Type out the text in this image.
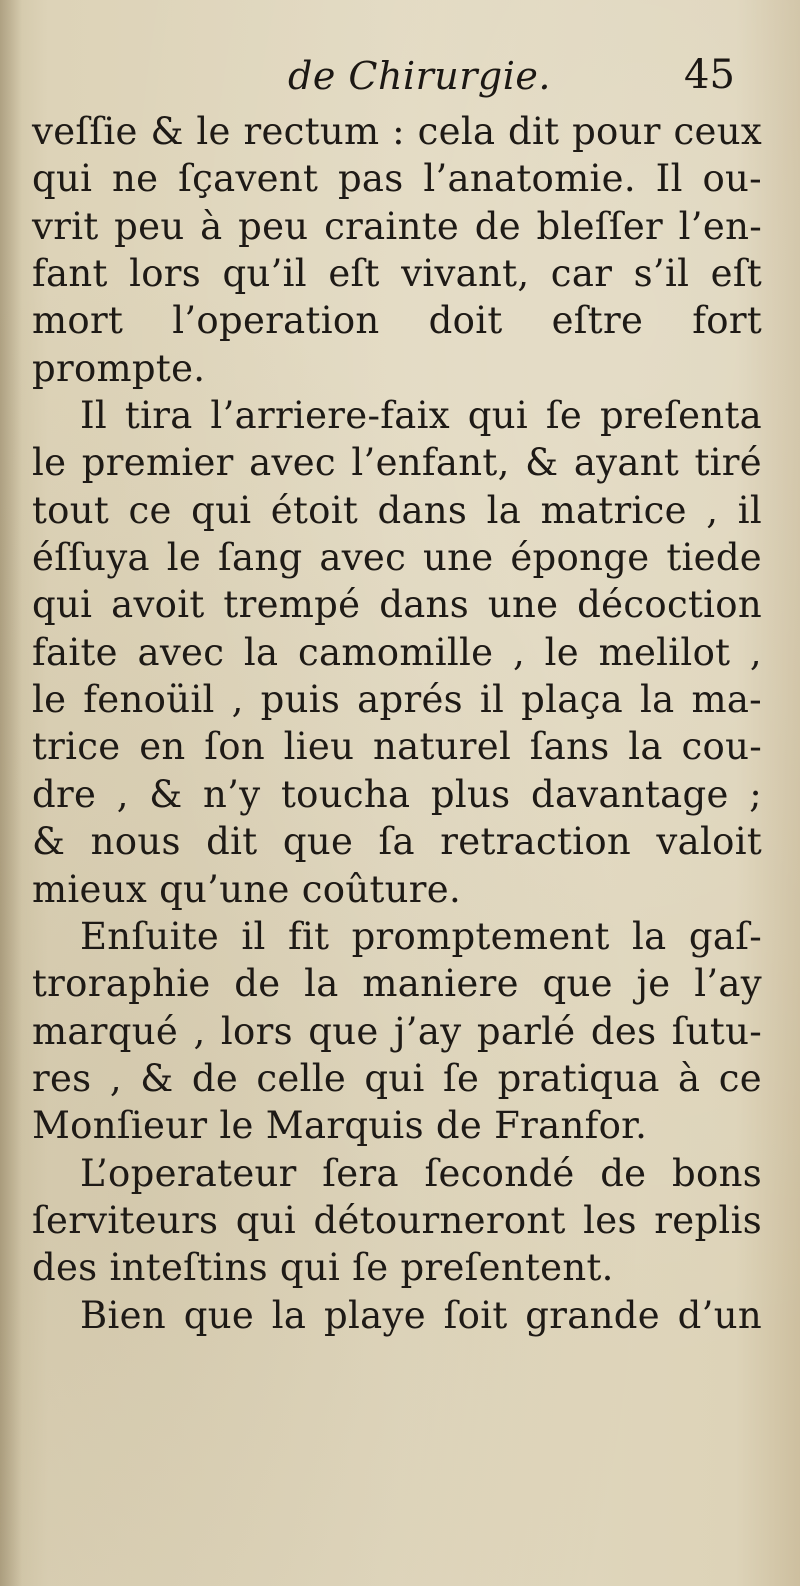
de Chirurgie.	45
veſſie & le rectum : cela dit pour ceux
qui ne ſçavent pas l’anatomie. Il ou-
vrit peu à peu crainte de bleſſer l’en-
fant lors qu’il eſt vivant, car s’il eſt
mort l’operation doit eſtre fort
prompte.
Il tira l’arriere-faix qui ſe preſenta
le premier avec l’enfant, & ayant tiré
tout ce qui étoit dans la matrice , il
éſſuya le ſang avec une éponge tiede
qui avoit trempé dans une décoction
faite avec la camomille , le melilot ,
le fenoüil , puis aprés il plaça la ma-
trice en ſon lieu naturel ſans la cou-
dre , & n’y toucha plus davantage ;
& nous dit que ſa retraction valoit
mieux qu’une coûture.
Enſuite il fit promptement la gaſ-
troraphie de la maniere que je l’ay
marqué , lors que j’ay parlé des ſutu-
res , & de celle qui ſe pratiqua à ce
Monſieur le Marquis de Franfor.
L’operateur ſera ſecondé de bons
ſerviteurs qui détourneront les replis
des inteſtins qui ſe preſentent.
Bien que la playe ſoit grande d’un
